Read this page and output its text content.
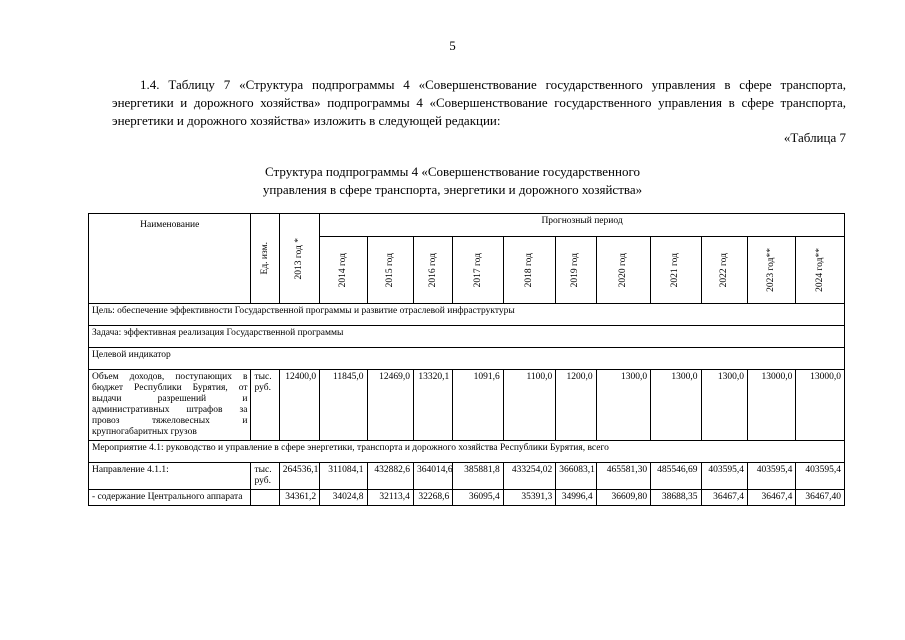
5

1.4. Таблицу 7 «Структура подпрограммы 4 «Совершенствование государственного управления в сфере транспорта, энергетики и дорожного хозяйства» подпрограммы 4 «Совершенствование государственного управления в сфере транспорта, энергетики и дорожного хозяйства» изложить в следующей редакции:

«Таблица 7
Структура подпрограммы 4 «Совершенствование государственного
управления в сфере транспорта, энергетики и дорожного хозяйства»
Наименование	Ед. изм.	2013 год *	Прогнозный период										

			2014 год	2015 год	2016 год	2017 год	2018 год	2019 год	2020 год	2021 год	2022 год	2023 год**	2024 год**

Цель: обеспечение эффективности Государственной программы и развитие отраслевой инфраструктуры													
Задача: эффективная реализация Государственной программы													
Целевой индикатор													
Объем доходов, поступающих в бюджет Республики Бурятия, от выдачи разрешений и административных штрафов за провоз тяжеловесных и крупногабаритных грузов	тыс. руб.	12400,0	11845,0	12469,0	13320,1	1091,6	1100,0	1200,0	1300,0	1300,0	1300,0	13000,0	13000,0
Мероприятие 4.1: руководство и управление в сфере энергетики, транспорта и дорожного хозяйства Республики Бурятия, всего													
Направление 4.1.1:	тыс. руб.	264536,1	311084,1	432882,6	364014,6	385881,8	433254,02	366083,1	465581,30	485546,69	403595,4	403595,4	403595,4
- содержание Центрального аппарата		34361,2	34024,8	32113,4	32268,6	36095,4	35391,3	34996,4	36609,80	38688,35	36467,4	36467,4	36467,40
